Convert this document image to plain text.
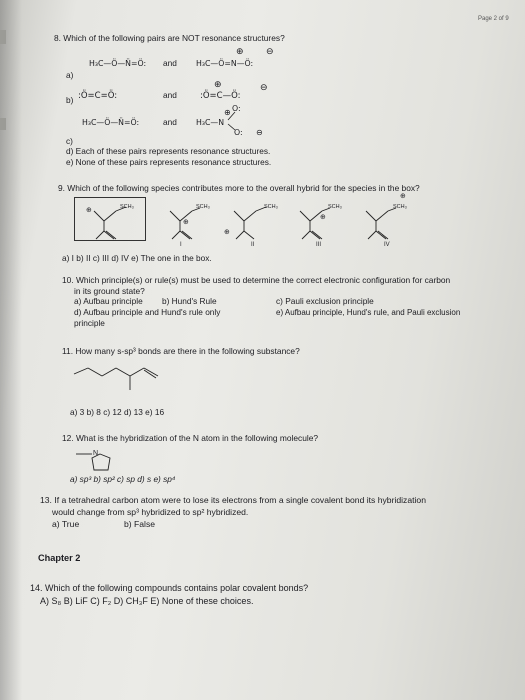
Page 2 of 9
8. Which of the following pairs are NOT resonance structures?
H₃C—Ö—N̈=Ö: and
⊕ ⊖
H₃C—Ö=N—Ö:
a)
b) :Ö=C=Ö:	and
⊕	⊖
:Ö=C—Ö:
H₃C—Ö—N̈=Ö:	and
⊕ O:
H₃C—N
O: ⊖
c)
d) Each of these pairs represents resonance structures.
e) None of these pairs represents resonance structures.
9. Which of the following species contributes more to the overall hybrid for the species in the box?
SCH₃
⊕	SCH₃
⊕
SCH₃
⊕
SCH₃
⊕
SCH₃
⊕
I	II	III	IV
a) I b) II c) III d) IV e) The one in the box.
10. Which principle(s) or rule(s) must be used to determine the correct electronic configuration for carbon
in its ground state?
a) Aufbau principle b) Hund's Rule	c) Pauli exclusion principle
d) Aufbau principle and Hund's rule only	e) Aufbau principle, Hund's rule, and Pauli exclusion
principle
11. How many s-sp³ bonds are there in the following substance?
a) 3 b) 8 c) 12 d) 13 e) 16
12. What is the hybridization of the N atom in the following molecule?
N
a) sp³ b) sp² c) sp d) s e) sp⁴
13. If a tetrahedral carbon atom were to lose its electrons from a single covalent bond its hybridization
would change from sp³ hybridized to sp² hybridized.
a) True	b) False
Chapter 2
14. Which of the following compounds contains polar covalent bonds?
A) S₈ B) LiF C) F₂ D) CH₃F E) None of these choices.
